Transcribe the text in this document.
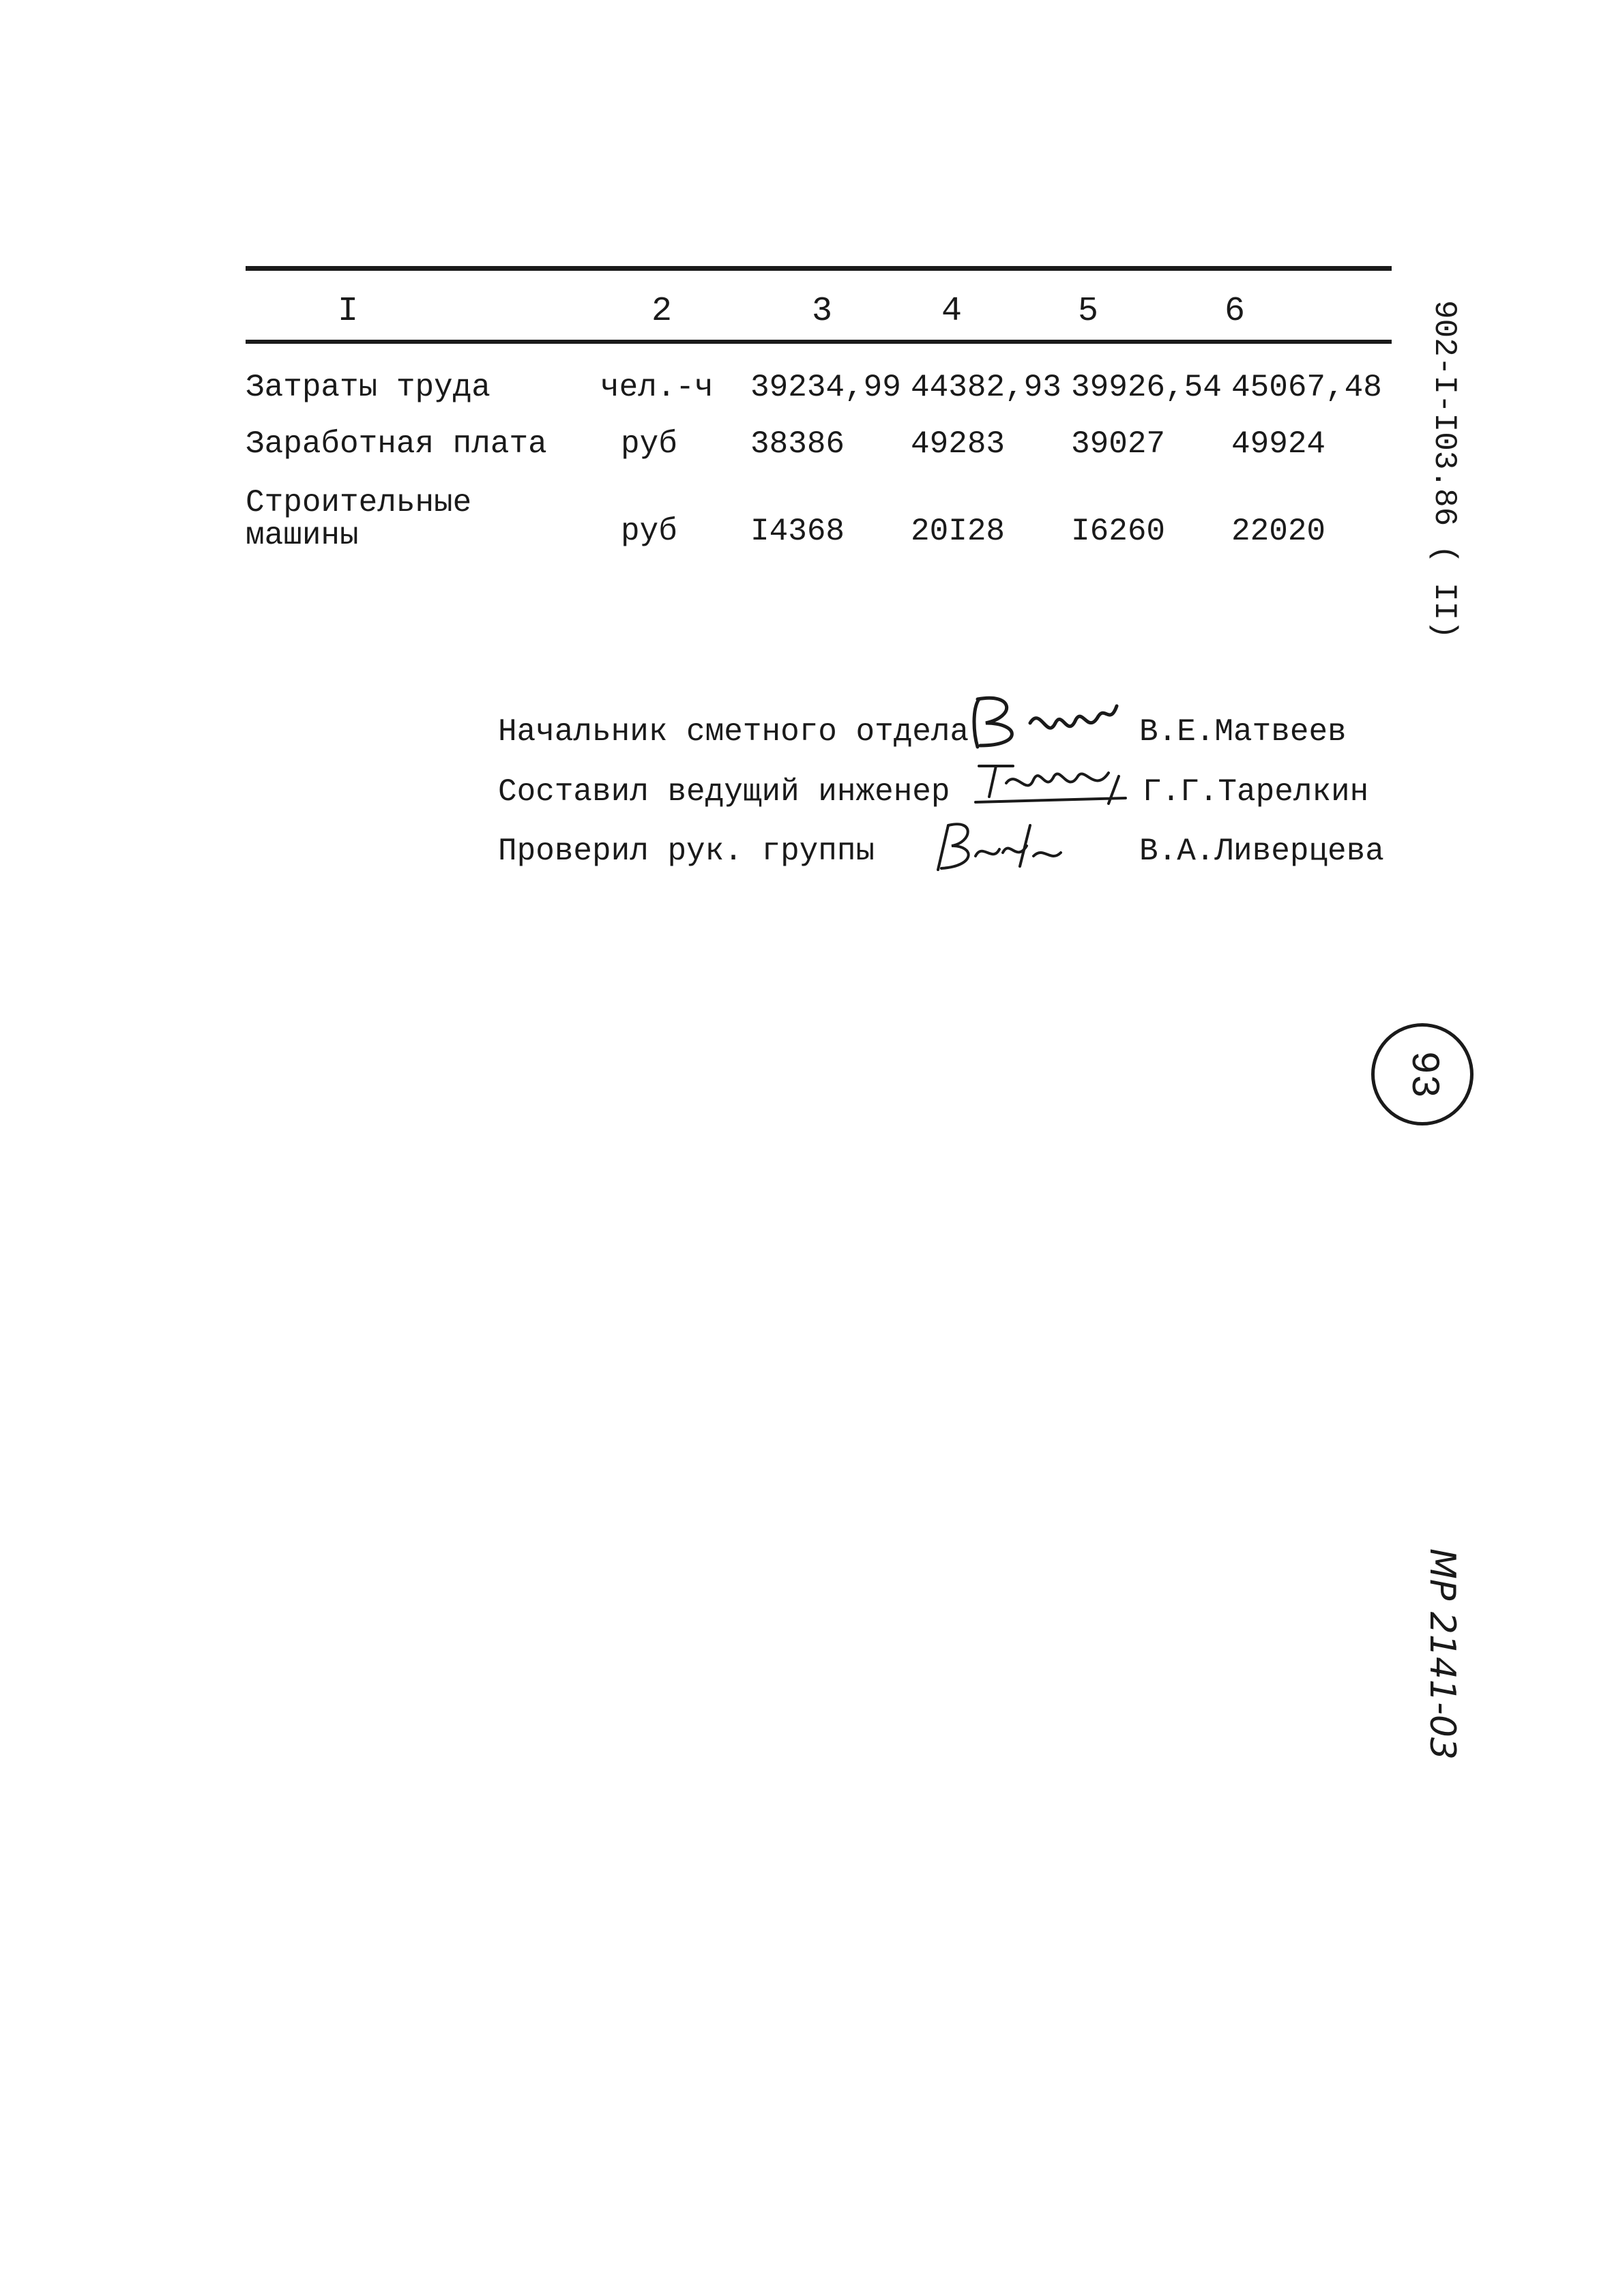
I	2	3	4	5	6
Затраты труда	чел.-ч 39234,99 44382,93 39926,54 45067,48
Заработная плата руб 38386 49283 39027 49924
Строительные
машины	руб I4368 20I28 I6260 22020
Начальник сметного отдела	В.Е.Матвеев
Составил ведущий инженер	Г.Г.Тарелкин
Проверил рук. группы	В.А.Ливерцева
902-I-I03.86 ( II)
93
МР 2141-03
